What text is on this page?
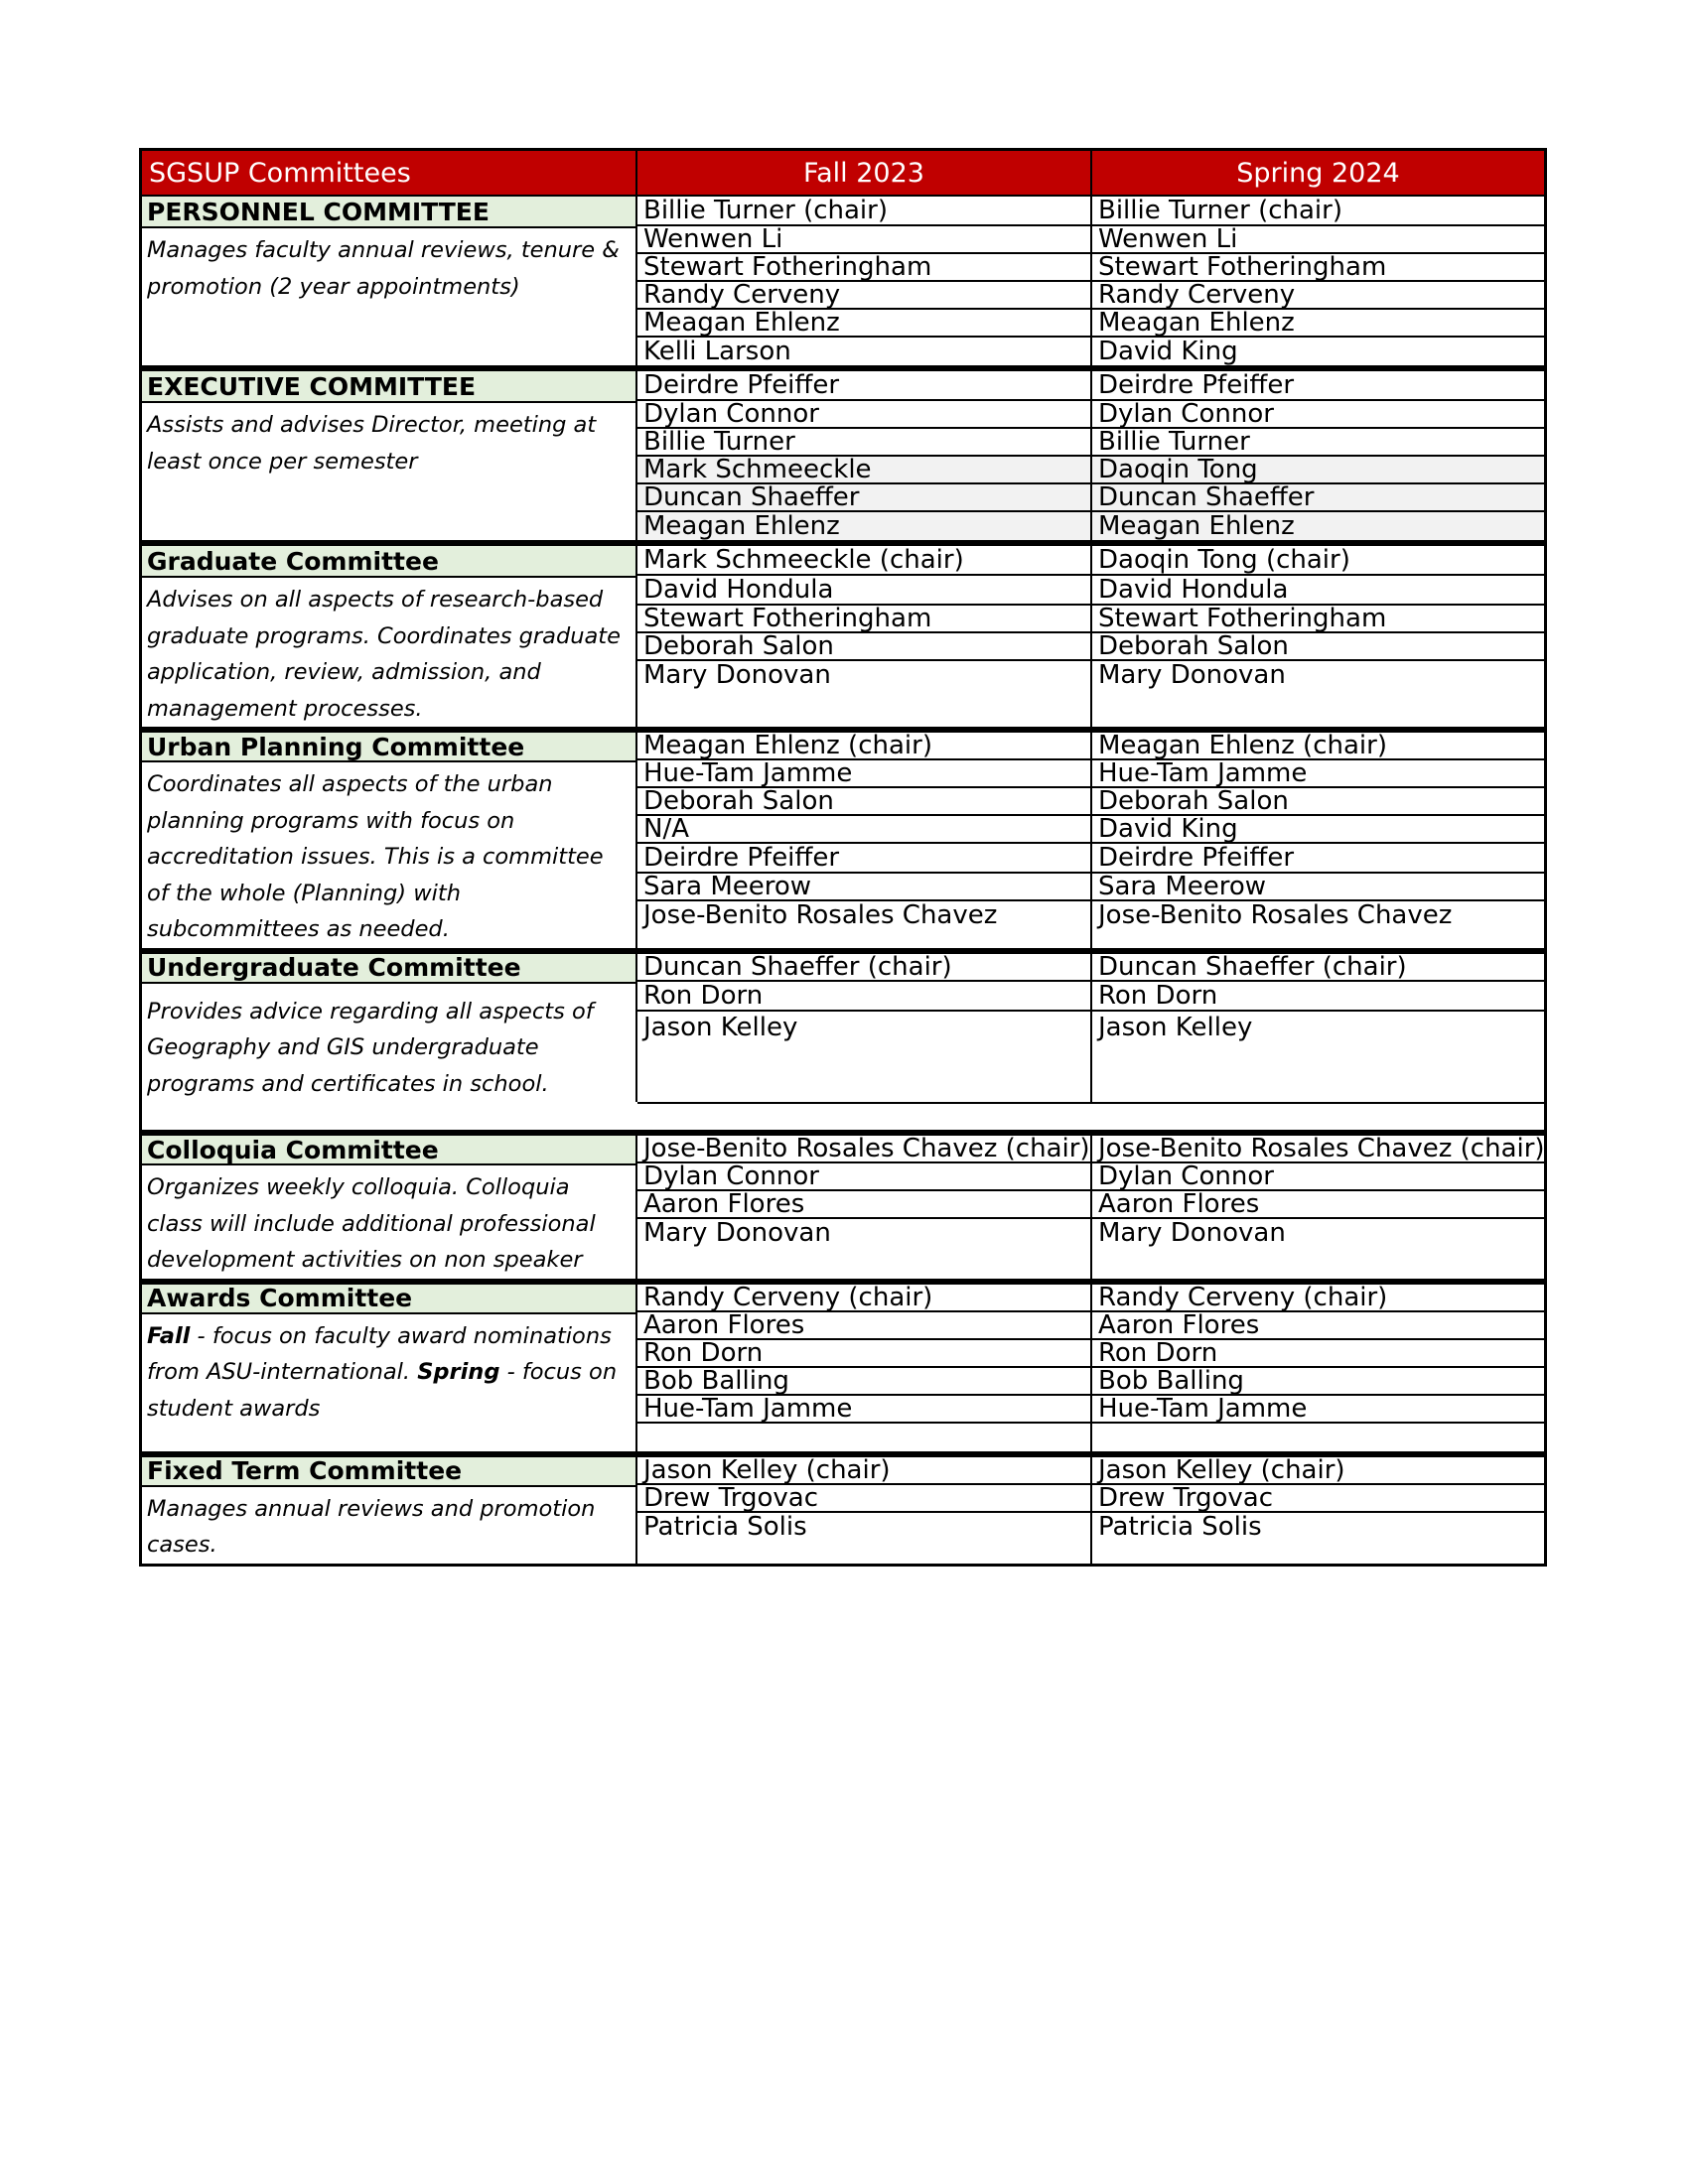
SGSUP Committees	Fall 2023	Spring 2024
PERSONNEL COMMITTEE
Manages faculty annual reviews, tenure & promotion (2 year appointments)
Billie Turner (chair)
Wenwen Li
Stewart Fotheringham
Randy Cerveny
Meagan Ehlenz
Kelli Larson
Billie Turner (chair)
Wenwen Li
Stewart Fotheringham
Randy Cerveny
Meagan Ehlenz
David King
EXECUTIVE COMMITTEE
Assists and advises Director, meeting at least once per semester
Deirdre Pfeiffer
Dylan Connor
Billie Turner
Mark Schmeeckle
Duncan Shaeffer
Meagan Ehlenz
Deirdre Pfeiffer
Dylan Connor
Billie Turner
Daoqin Tong
Duncan Shaeffer
Meagan Ehlenz
Graduate Committee
Advises on all aspects of research-based graduate programs. Coordinates graduate application, review, admission, and management processes.
Mark Schmeeckle (chair)
David Hondula
Stewart Fotheringham
Deborah Salon
Mary Donovan
Daoqin Tong (chair)
David Hondula
Stewart Fotheringham
Deborah Salon
Mary Donovan
Urban Planning Committee
Coordinates all aspects of the urban planning programs with focus on accreditation issues. This is a committee of the whole (Planning) with subcommittees as needed.
Meagan Ehlenz (chair)
Hue-Tam Jamme
Deborah Salon
N/A
Deirdre Pfeiffer
Sara Meerow
Jose-Benito Rosales Chavez
Meagan Ehlenz (chair)
Hue-Tam Jamme
Deborah Salon
David King
Deirdre Pfeiffer
Sara Meerow
Jose-Benito Rosales Chavez
Undergraduate Committee
Provides advice regarding all aspects of Geography and GIS undergraduate programs and certificates in school.
Duncan Shaeffer (chair)
Ron Dorn
Jason Kelley
Duncan Shaeffer (chair)
Ron Dorn
Jason Kelley
Colloquia Committee
Organizes weekly colloquia. Colloquia class will include additional professional development activities on non speaker
Jose-Benito Rosales Chavez (chair)
Dylan Connor
Aaron Flores
Mary Donovan
Jose-Benito Rosales Chavez (chair)
Dylan Connor
Aaron Flores
Mary Donovan
Awards Committee
Fall - focus on faculty award nominations from ASU-international. Spring - focus on student awards
Randy Cerveny (chair)
Aaron Flores
Ron Dorn
Bob Balling
Hue-Tam Jamme
Randy Cerveny (chair)
Aaron Flores
Ron Dorn
Bob Balling
Hue-Tam Jamme
Fixed Term Committee
Manages annual reviews and promotion cases.
Jason Kelley (chair)
Drew Trgovac
Patricia Solis
Jason Kelley (chair)
Drew Trgovac
Patricia Solis
